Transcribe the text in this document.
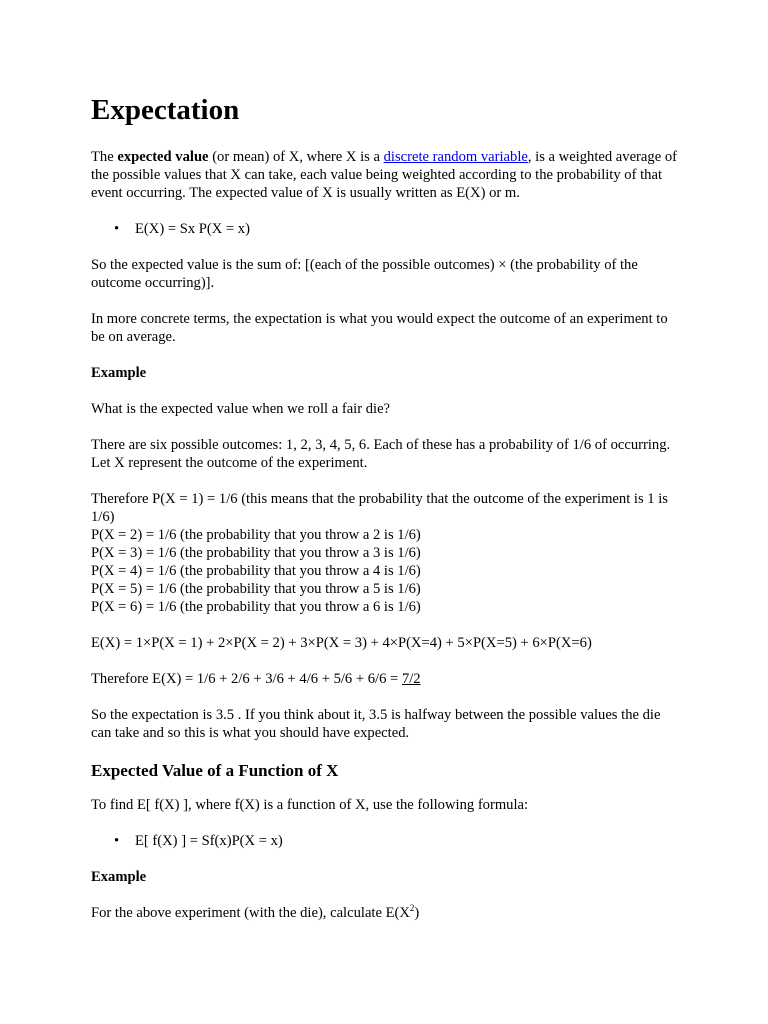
Expectation

The expected value (or mean) of X, where X is a discrete random variable, is a weighted average of the possible values that X can take, each value being weighted according to the probability of that event occurring. The expected value of X is usually written as E(X) or m.

• E(X) = Sx P(X = x)

So the expected value is the sum of: [(each of the possible outcomes) × (the probability of the outcome occurring)].

In more concrete terms, the expectation is what you would expect the outcome of an experiment to be on average.

Example

What is the expected value when we roll a fair die?

There are six possible outcomes: 1, 2, 3, 4, 5, 6. Each of these has a probability of 1/6 of occurring. Let X represent the outcome of the experiment.

Therefore P(X = 1) = 1/6 (this means that the probability that the outcome of the experiment is 1 is 1/6)
P(X = 2) = 1/6 (the probability that you throw a 2 is 1/6)
P(X = 3) = 1/6 (the probability that you throw a 3 is 1/6)
P(X = 4) = 1/6 (the probability that you throw a 4 is 1/6)
P(X = 5) = 1/6 (the probability that you throw a 5 is 1/6)
P(X = 6) = 1/6 (the probability that you throw a 6 is 1/6)

E(X) = 1×P(X = 1) + 2×P(X = 2) + 3×P(X = 3) + 4×P(X=4) + 5×P(X=5) + 6×P(X=6)

Therefore E(X) = 1/6 + 2/6 + 3/6 + 4/6 + 5/6 + 6/6 = 7/2

So the expectation is 3.5 . If you think about it, 3.5 is halfway between the possible values the die can take and so this is what you should have expected.

Expected Value of a Function of X

To find E[ f(X) ], where f(X) is a function of X, use the following formula:

• E[ f(X) ] = Sf(x)P(X = x)

Example

For the above experiment (with the die), calculate $E(X^2)$
